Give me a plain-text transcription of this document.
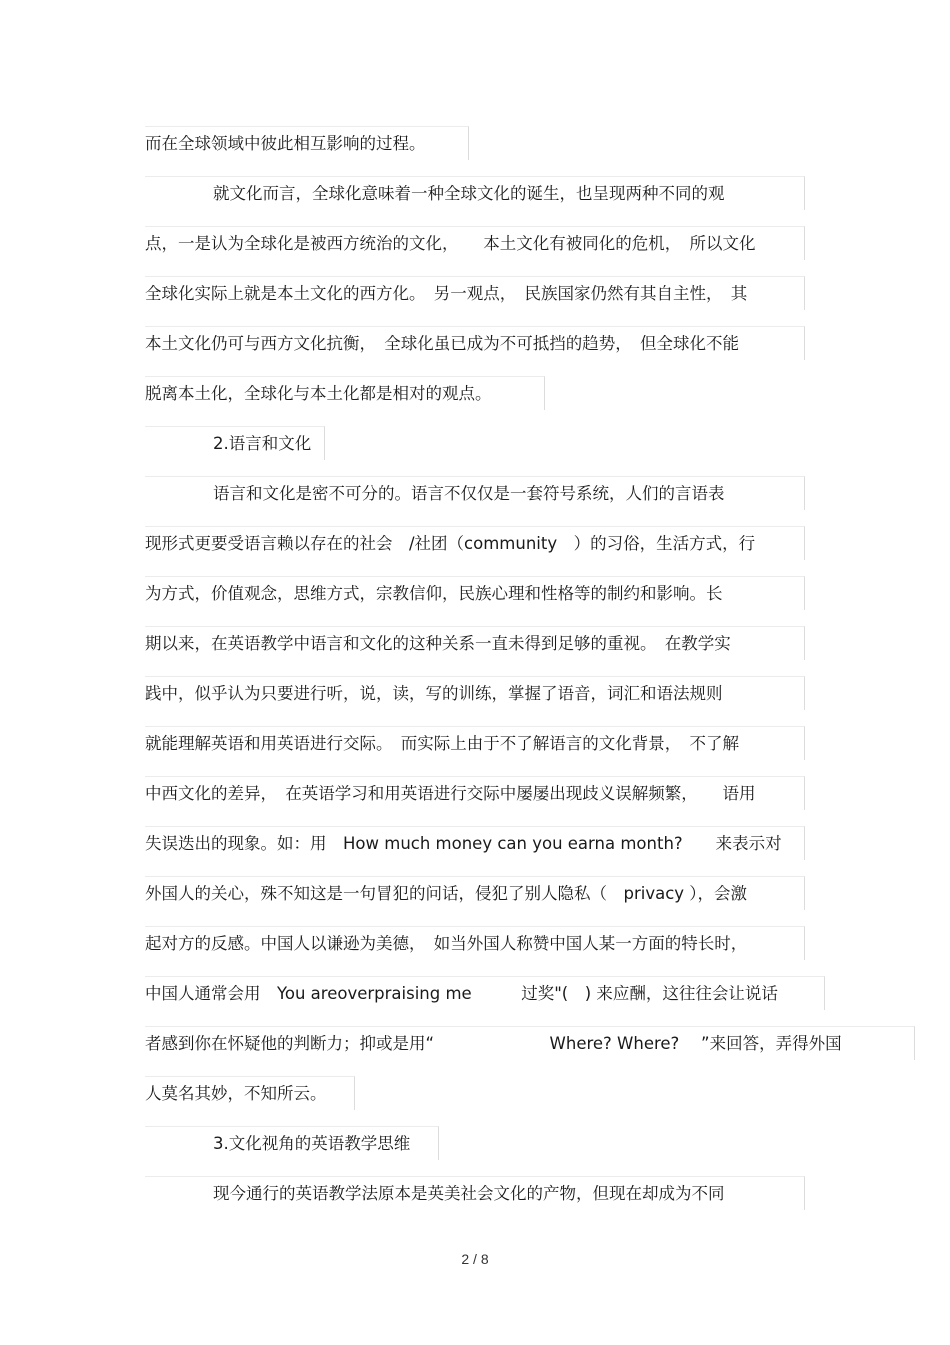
而在全球领域中彼此相互影响的过程。
就文化而言，全球化意味着一种全球文化的诞生，也呈现两种不同的观
点，一是认为全球化是被西方统治的文化，　　本土文化有被同化的危机，　所以文化
全球化实际上就是本土文化的西方化。　另一观点，　民族国家仍然有其自主性，　其
本土文化仍可与西方文化抗衡，　全球化虽已成为不可抵挡的趋势，　但全球化不能
脱离本土化，全球化与本土化都是相对的观点。
2.语言和文化
语言和文化是密不可分的。语言不仅仅是一套符号系统，人们的言语表
现形式更要受语言赖以存在的社会　/社团（community　）的习俗，生活方式，行
为方式，价值观念，思维方式，宗教信仰，民族心理和性格等的制约和影响。长
期以来，在英语教学中语言和文化的这种关系一直未得到足够的重视。　在教学实
践中，似乎认为只要进行听，说，读，写的训练，掌握了语音，词汇和语法规则
就能理解英语和用英语进行交际。　而实际上由于不了解语言的文化背景，　不了解
中西文化的差异，　在英语学习和用英语进行交际中屡屡出现歧义误解频繁，　　语用
失误迭出的现象。如：用　How much money can you earna month?　　来表示对
外国人的关心，殊不知这是一句冒犯的问话，侵犯了别人隐私（　privacy ），会激
起对方的反感。中国人以谦逊为美德，　如当外国人称赞中国人某一方面的特长时，
中国人通常会用　You areoverpraising me　　　过奖"(　) 来应酬，这往往会让说话
者感到你在怀疑他的判断力；抑或是用“　　　　　　　Where? Where?　 ”来回答，弄得外国
人莫名其妙，不知所云。
3.文化视角的英语教学思维
现今通行的英语教学法原本是英美社会文化的产物，但现在却成为不同
2 / 8
